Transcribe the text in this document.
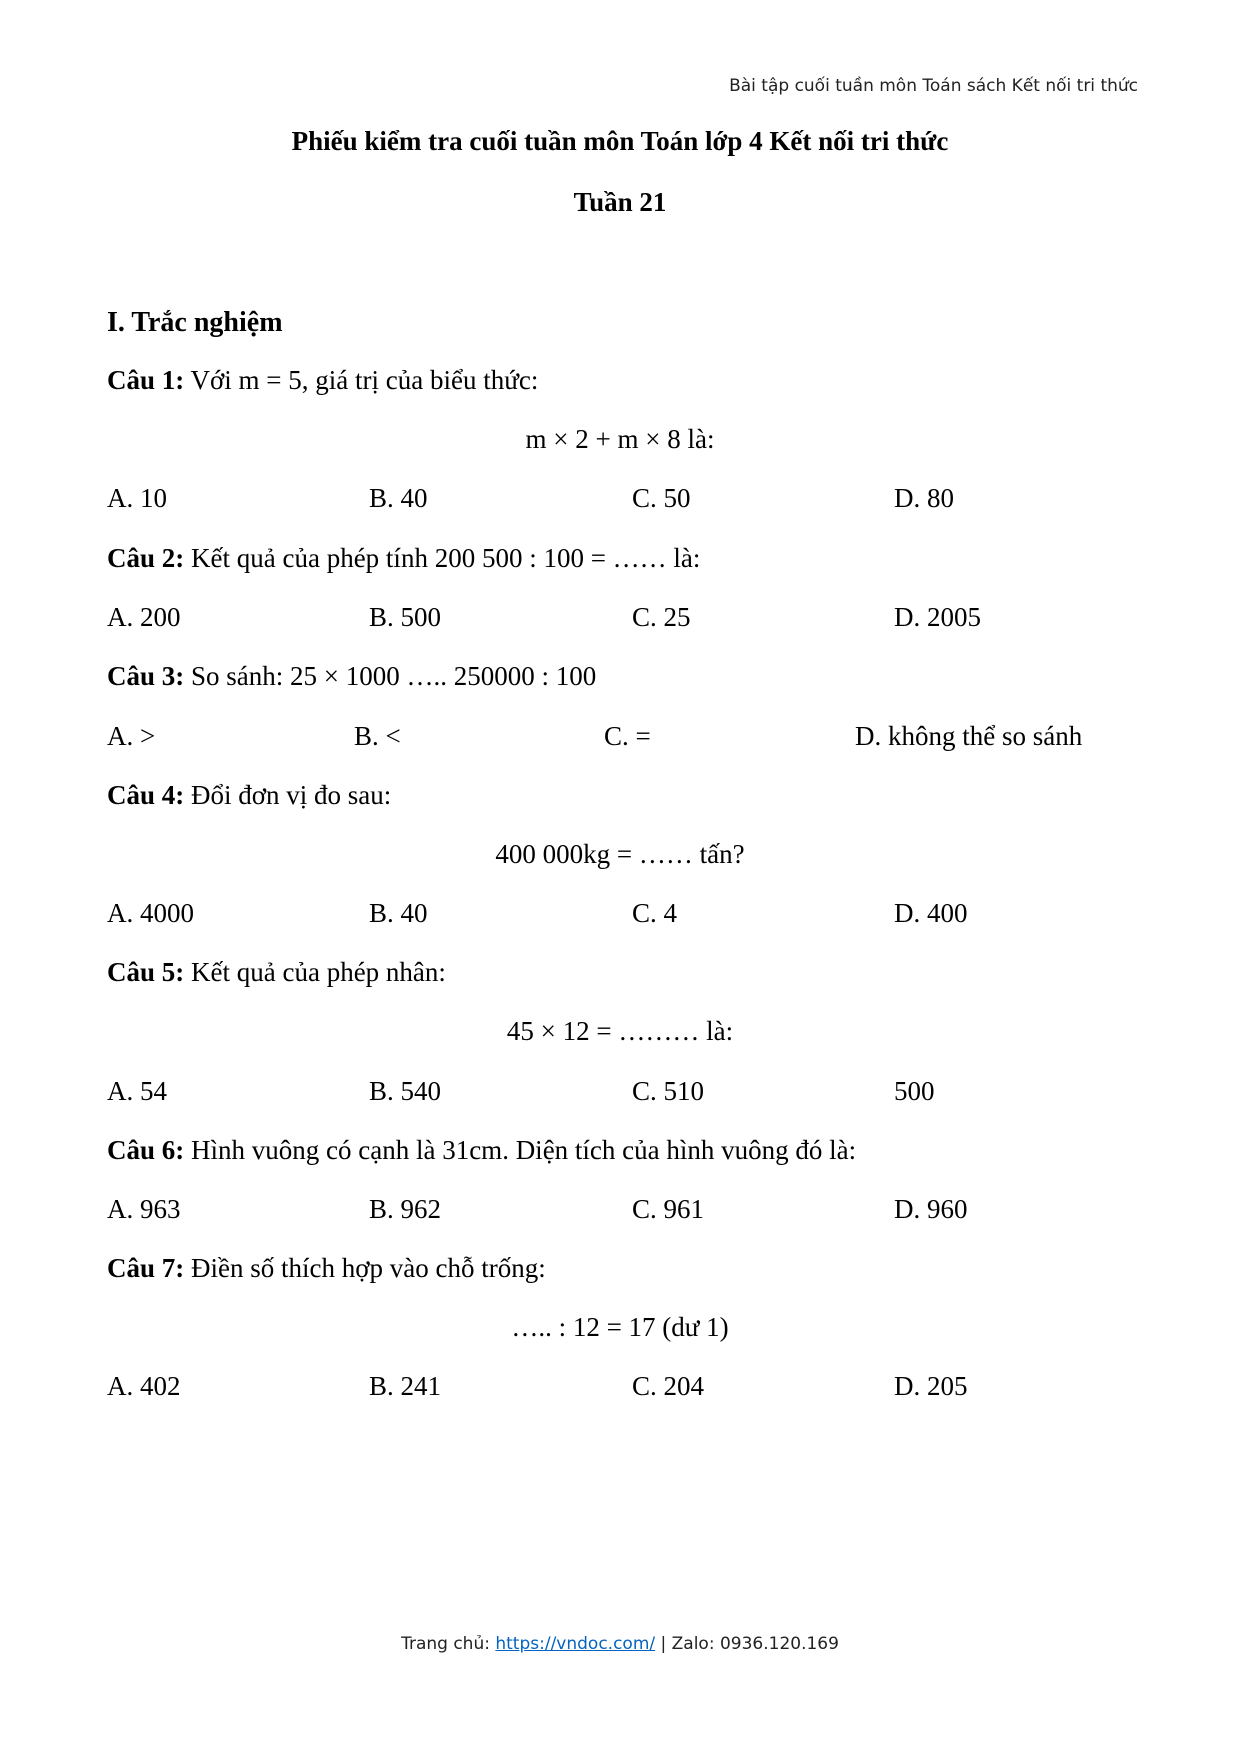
Bài tập cuối tuần môn Toán sách Kết nối tri thức
Phiếu kiểm tra cuối tuần môn Toán lớp 4 Kết nối tri thức
Tuần 21
I. Trắc nghiệm
Câu 1: Với m = 5, giá trị của biểu thức:
m × 2 + m × 8 là:
A. 10	B. 40	C. 50	D. 80
Câu 2: Kết quả của phép tính 200 500 : 100 = …… là:
A. 200	B. 500	C. 25	D. 2005
Câu 3: So sánh: 25 × 1000 ….. 250000 : 100
A. >	B. <	C. =	D. không thể so sánh
Câu 4: Đổi đơn vị đo sau:
400 000kg = …… tấn?
A. 4000	B. 40	C. 4	D. 400
Câu 5: Kết quả của phép nhân:
45 × 12 = ……… là:
A. 54	B. 540	C. 510	500
Câu 6: Hình vuông có cạnh là 31cm. Diện tích của hình vuông đó là:
A. 963	B. 962	C. 961	D. 960
Câu 7: Điền số thích hợp vào chỗ trống:
….. : 12 = 17 (dư 1)
A. 402	B. 241	C. 204	D. 205
Trang chủ: https://vndoc.com/ | Zalo: 0936.120.169
